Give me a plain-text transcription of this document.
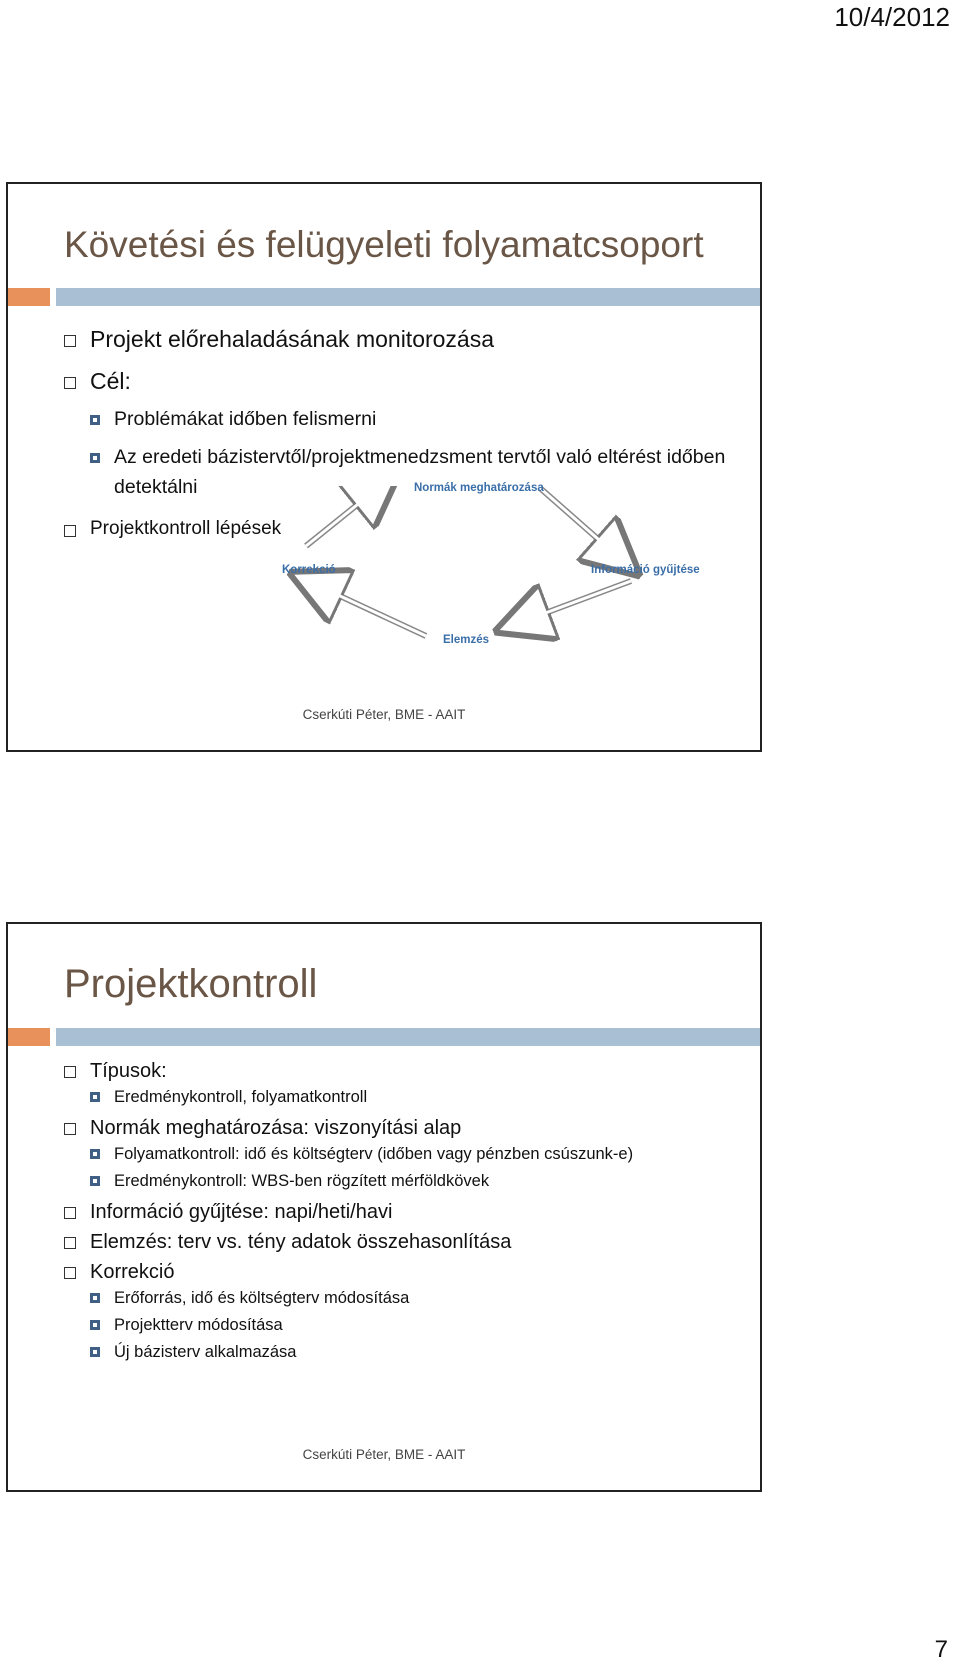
10/4/2012
Követési és felügyeleti folyamatcsoport
Projekt előrehaladásának monitorozása
Cél:
Problémákat időben felismerni
Az eredeti bázistervtől/projektmenedzsment tervtől való eltérést időben detektálni
Projektkontroll lépések
Normák meghatározása
Információ gyűjtése
Elemzés
Korrekció
Cserkúti Péter, BME - AAIT
Projektkontroll
Típusok:
Eredménykontroll, folyamatkontroll
Normák meghatározása: viszonyítási alap
Folyamatkontroll: idő és költségterv (időben vagy pénzben csúszunk-e)
Eredménykontroll: WBS-ben rögzített mérföldkövek
Információ gyűjtése: napi/heti/havi
Elemzés: terv vs. tény adatok összehasonlítása
Korrekció
Erőforrás, idő és költségterv módosítása
Projektterv módosítása
Új bázisterv alkalmazása
Cserkúti Péter, BME - AAIT
7
